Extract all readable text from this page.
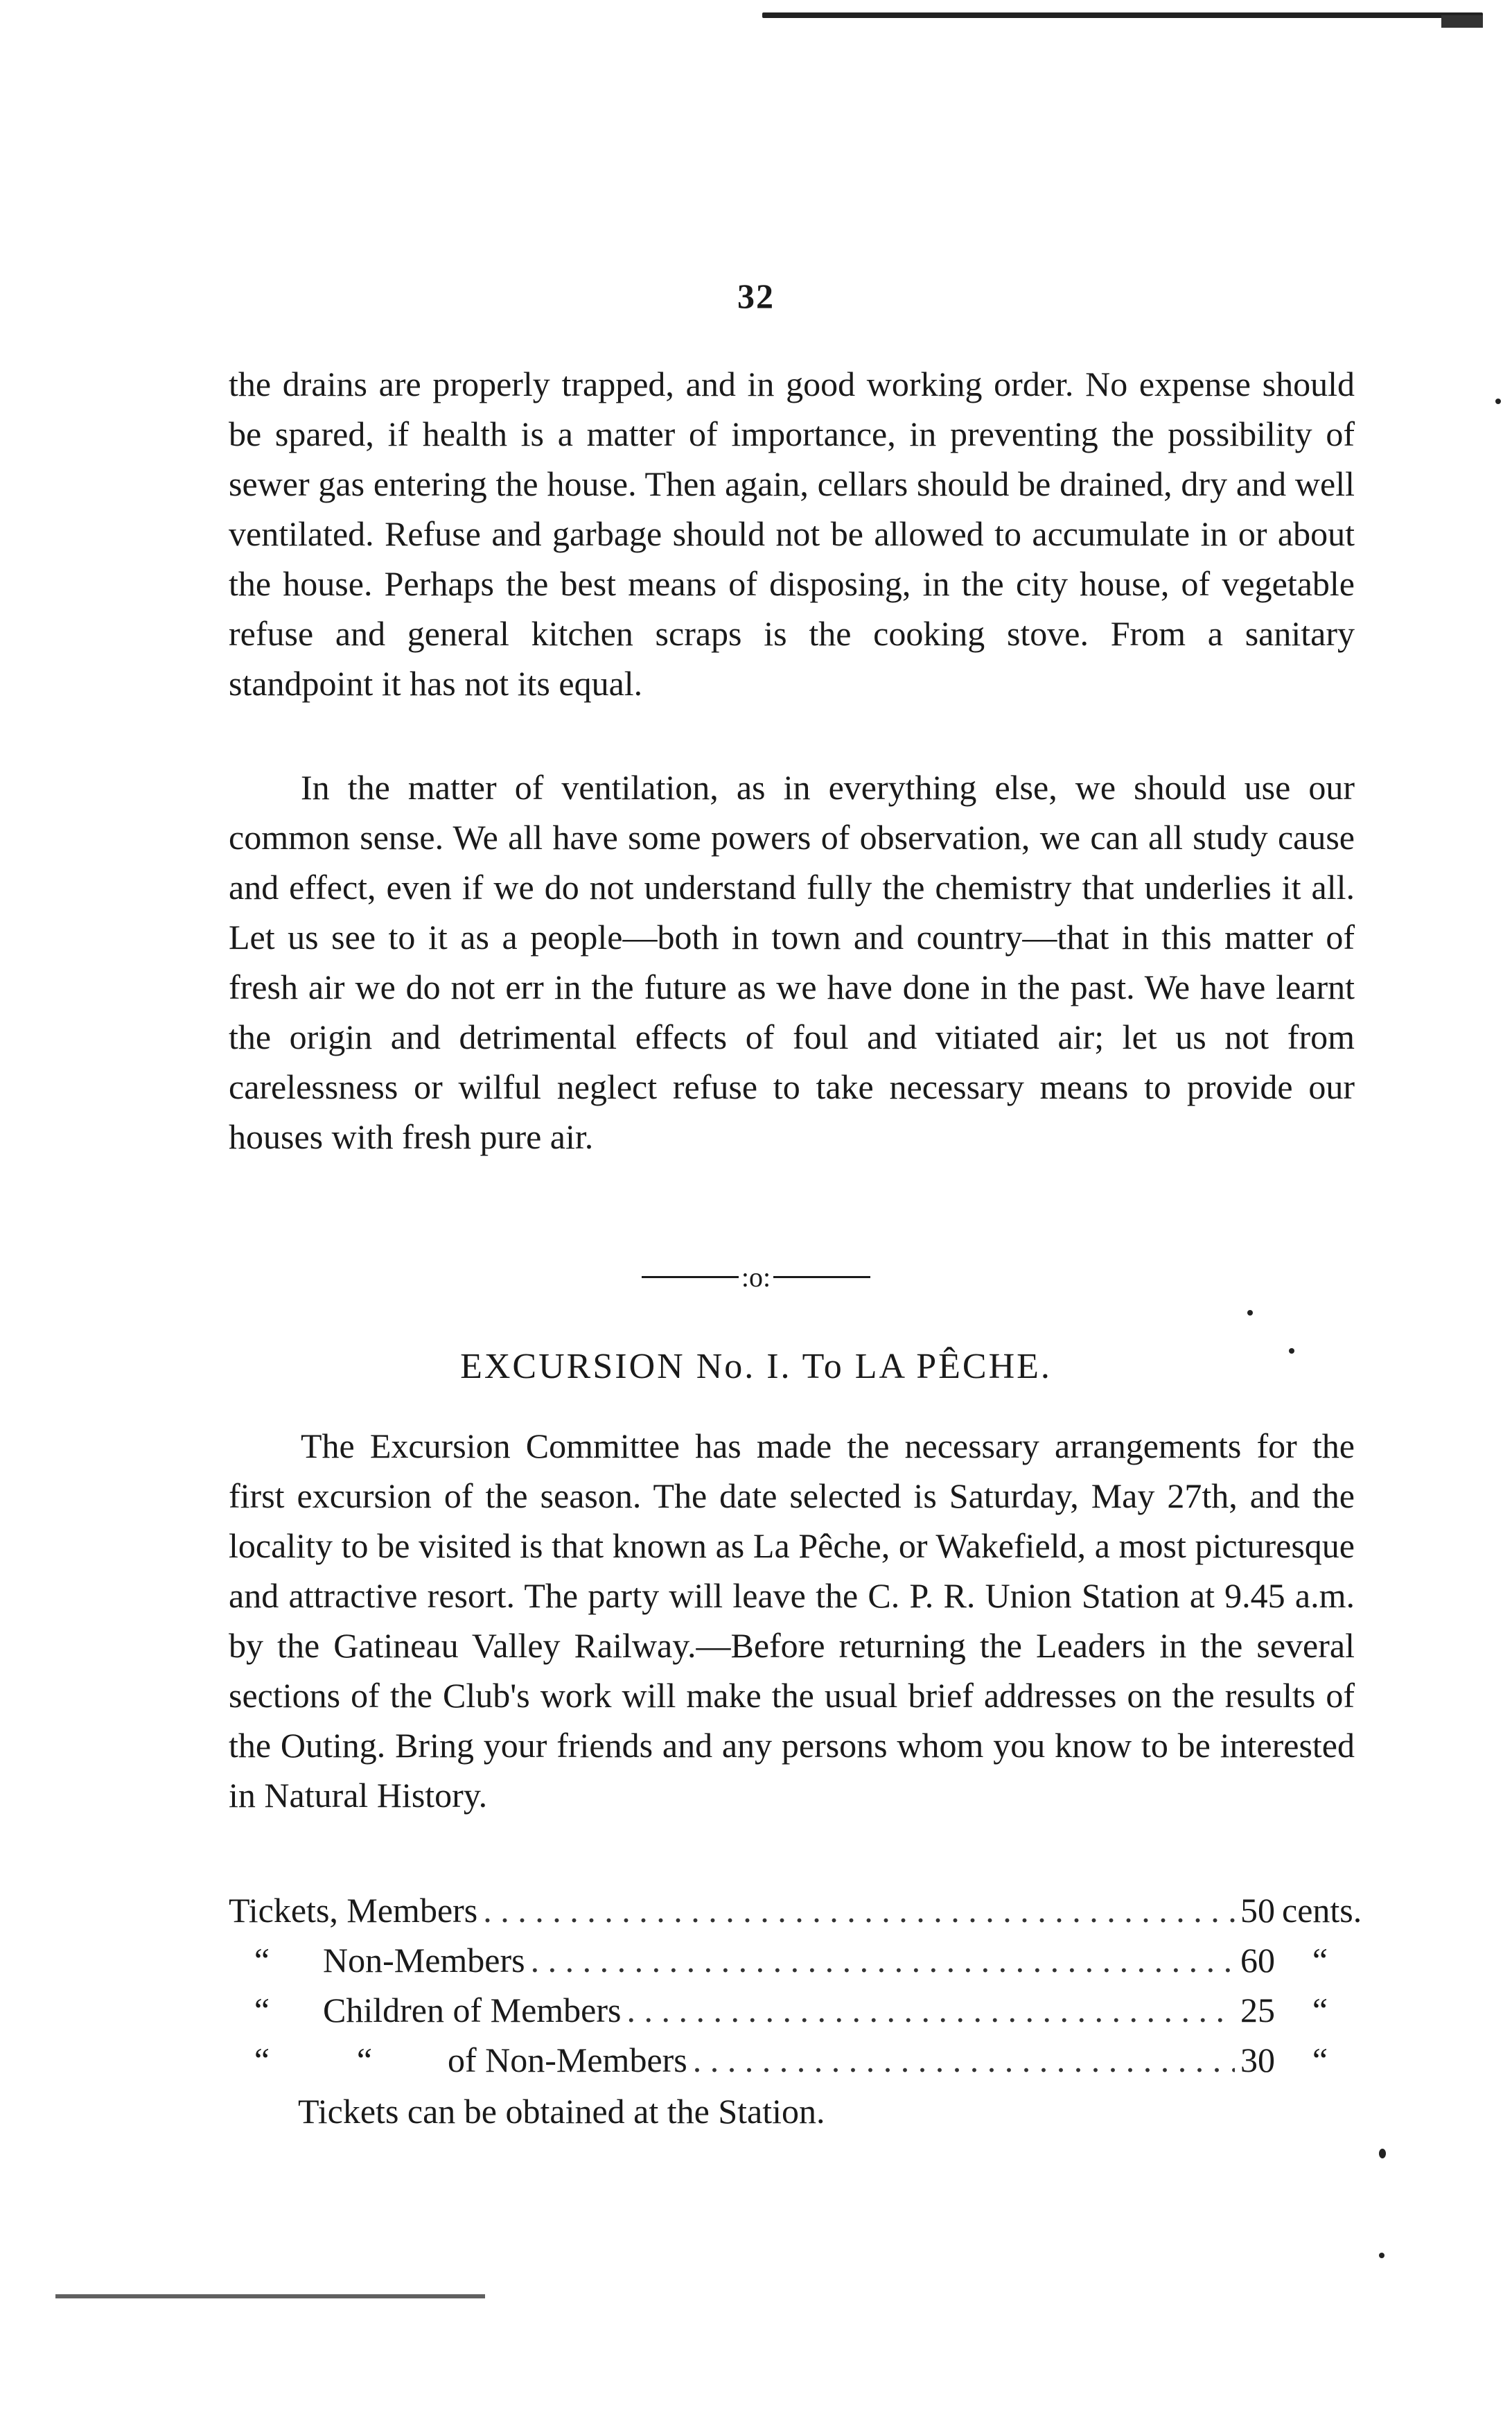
32

the drains are properly trapped, and in good working order. No expense should be spared, if health is a matter of importance, in preventing the possibility of sewer gas entering the house. Then again, cellars should be drained, dry and well ventilated. Refuse and garbage should not be allowed to accumulate in or about the house. Perhaps the best means of disposing, in the city house, of vegetable refuse and general kitchen scraps is the cooking stove. From a sanitary standpoint it has not its equal.

In the matter of ventilation, as in everything else, we should use our common sense. We all have some powers of observation, we can all study cause and effect, even if we do not understand fully the chemistry that underlies it all. Let us see to it as a people—both in town and country—that in this matter of fresh air we do not err in the future as we have done in the past. We have learnt the origin and detrimental effects of foul and vitiated air; let us not from carelessness or wilful neglect refuse to take necessary means to provide our houses with fresh pure air.

:o:
EXCURSION No. I. To LA PÊCHE.

The Excursion Committee has made the necessary arrangements for the first excursion of the season. The date selected is Saturday, May 27th, and the locality to be visited is that known as La Pêche, or Wakefield, a most picturesque and attractive resort. The party will leave the C. P. R. Union Station at 9.45 a.m. by the Gatineau Valley Railway.—Before returning the Leaders in the several sections of the Club's work will make the usual brief addresses on the results of the Outing. Bring your friends and any persons whom you know to be interested in Natural History.

Tickets, Members . . .	50 cents.
“	Non-Members . . .	60	“
“	Children of Members . . .	25	“
“	“	of Non-Members . . .	30	“
Tickets can be obtained at the Station.
